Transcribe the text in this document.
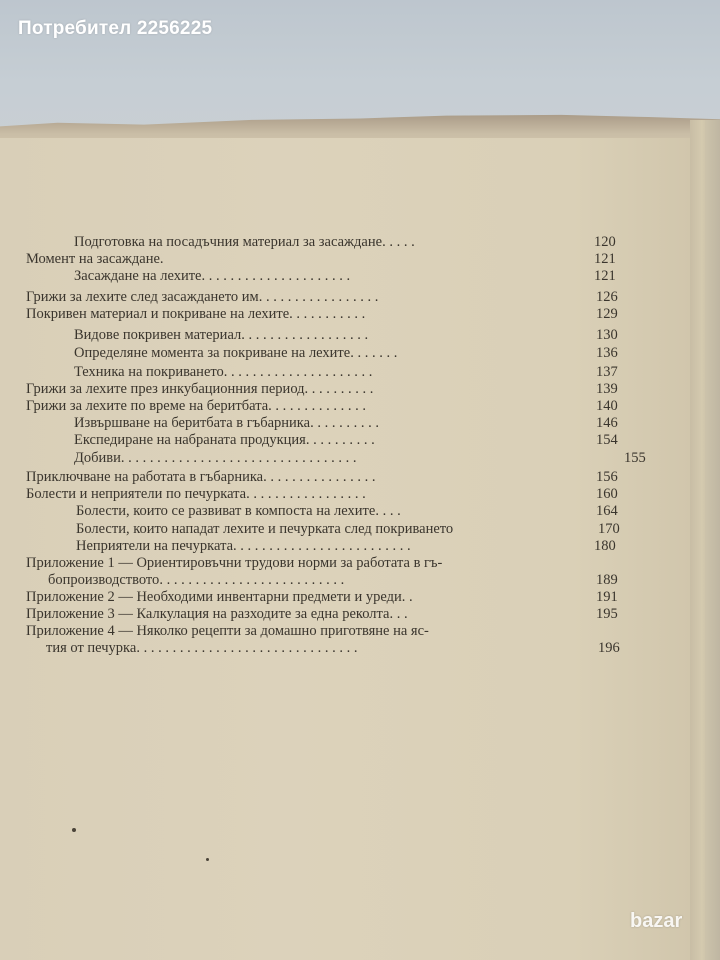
Потребител 2256225
Подготовка на посадъчния материал за засаждане. . . . .	120
Момент на засаждане.	121
Засаждане на лехите. . . . . . . . . . . . . . . . . . . . .	121
Грижи за лехите след засаждането им. . . . . . . . . . . . . . . . .	126
Покривен материал и покриване на лехите. . . . . . . . . . .	129
Видове покривен материал. . . . . . . . . . . . . . . . . .	130
Определяне момента за покриване на лехите. . . . . . .	136
Техника на покриването. . . . . . . . . . . . . . . . . . . . .	137
Грижи за лехите през инкубационния период. . . . . . . . . .	139
Грижи за лехите по време на беритбата. . . . . . . . . . . . . .	140
Извършване на беритбата в гъбарника. . . . . . . . . .	146
Експедиране на набраната продукция. . . . . . . . . .	154
Добиви. . . . . . . . . . . . . . . . . . . . . . . . . . . . . . . . .	155
Приключване на работата в гъбарника. . . . . . . . . . . . . . . .	156
Болести и неприятели по печурката. . . . . . . . . . . . . . . . .	160
Болести, които се развиват в компоста на лехите. . . .	164
Болести, които нападат лехите и печурката след покриването	170
Неприятели на печурката. . . . . . . . . . . . . . . . . . . . . . . . .	180
Приложение 1 — Ориентировъчни трудови норми за работата в гъ-
бопроизводството. . . . . . . . . . . . . . . . . . . . . . . . . .	189
Приложение 2 — Необходими инвентарни предмети и уреди. .	191
Приложение 3 — Калкулация на разходите за една реколта. . .	195
Приложение 4 — Няколко рецепти за домашно приготвяне на яс-
тия от печурка. . . . . . . . . . . . . . . . . . . . . . . . . . . . . . .	196
bazar
